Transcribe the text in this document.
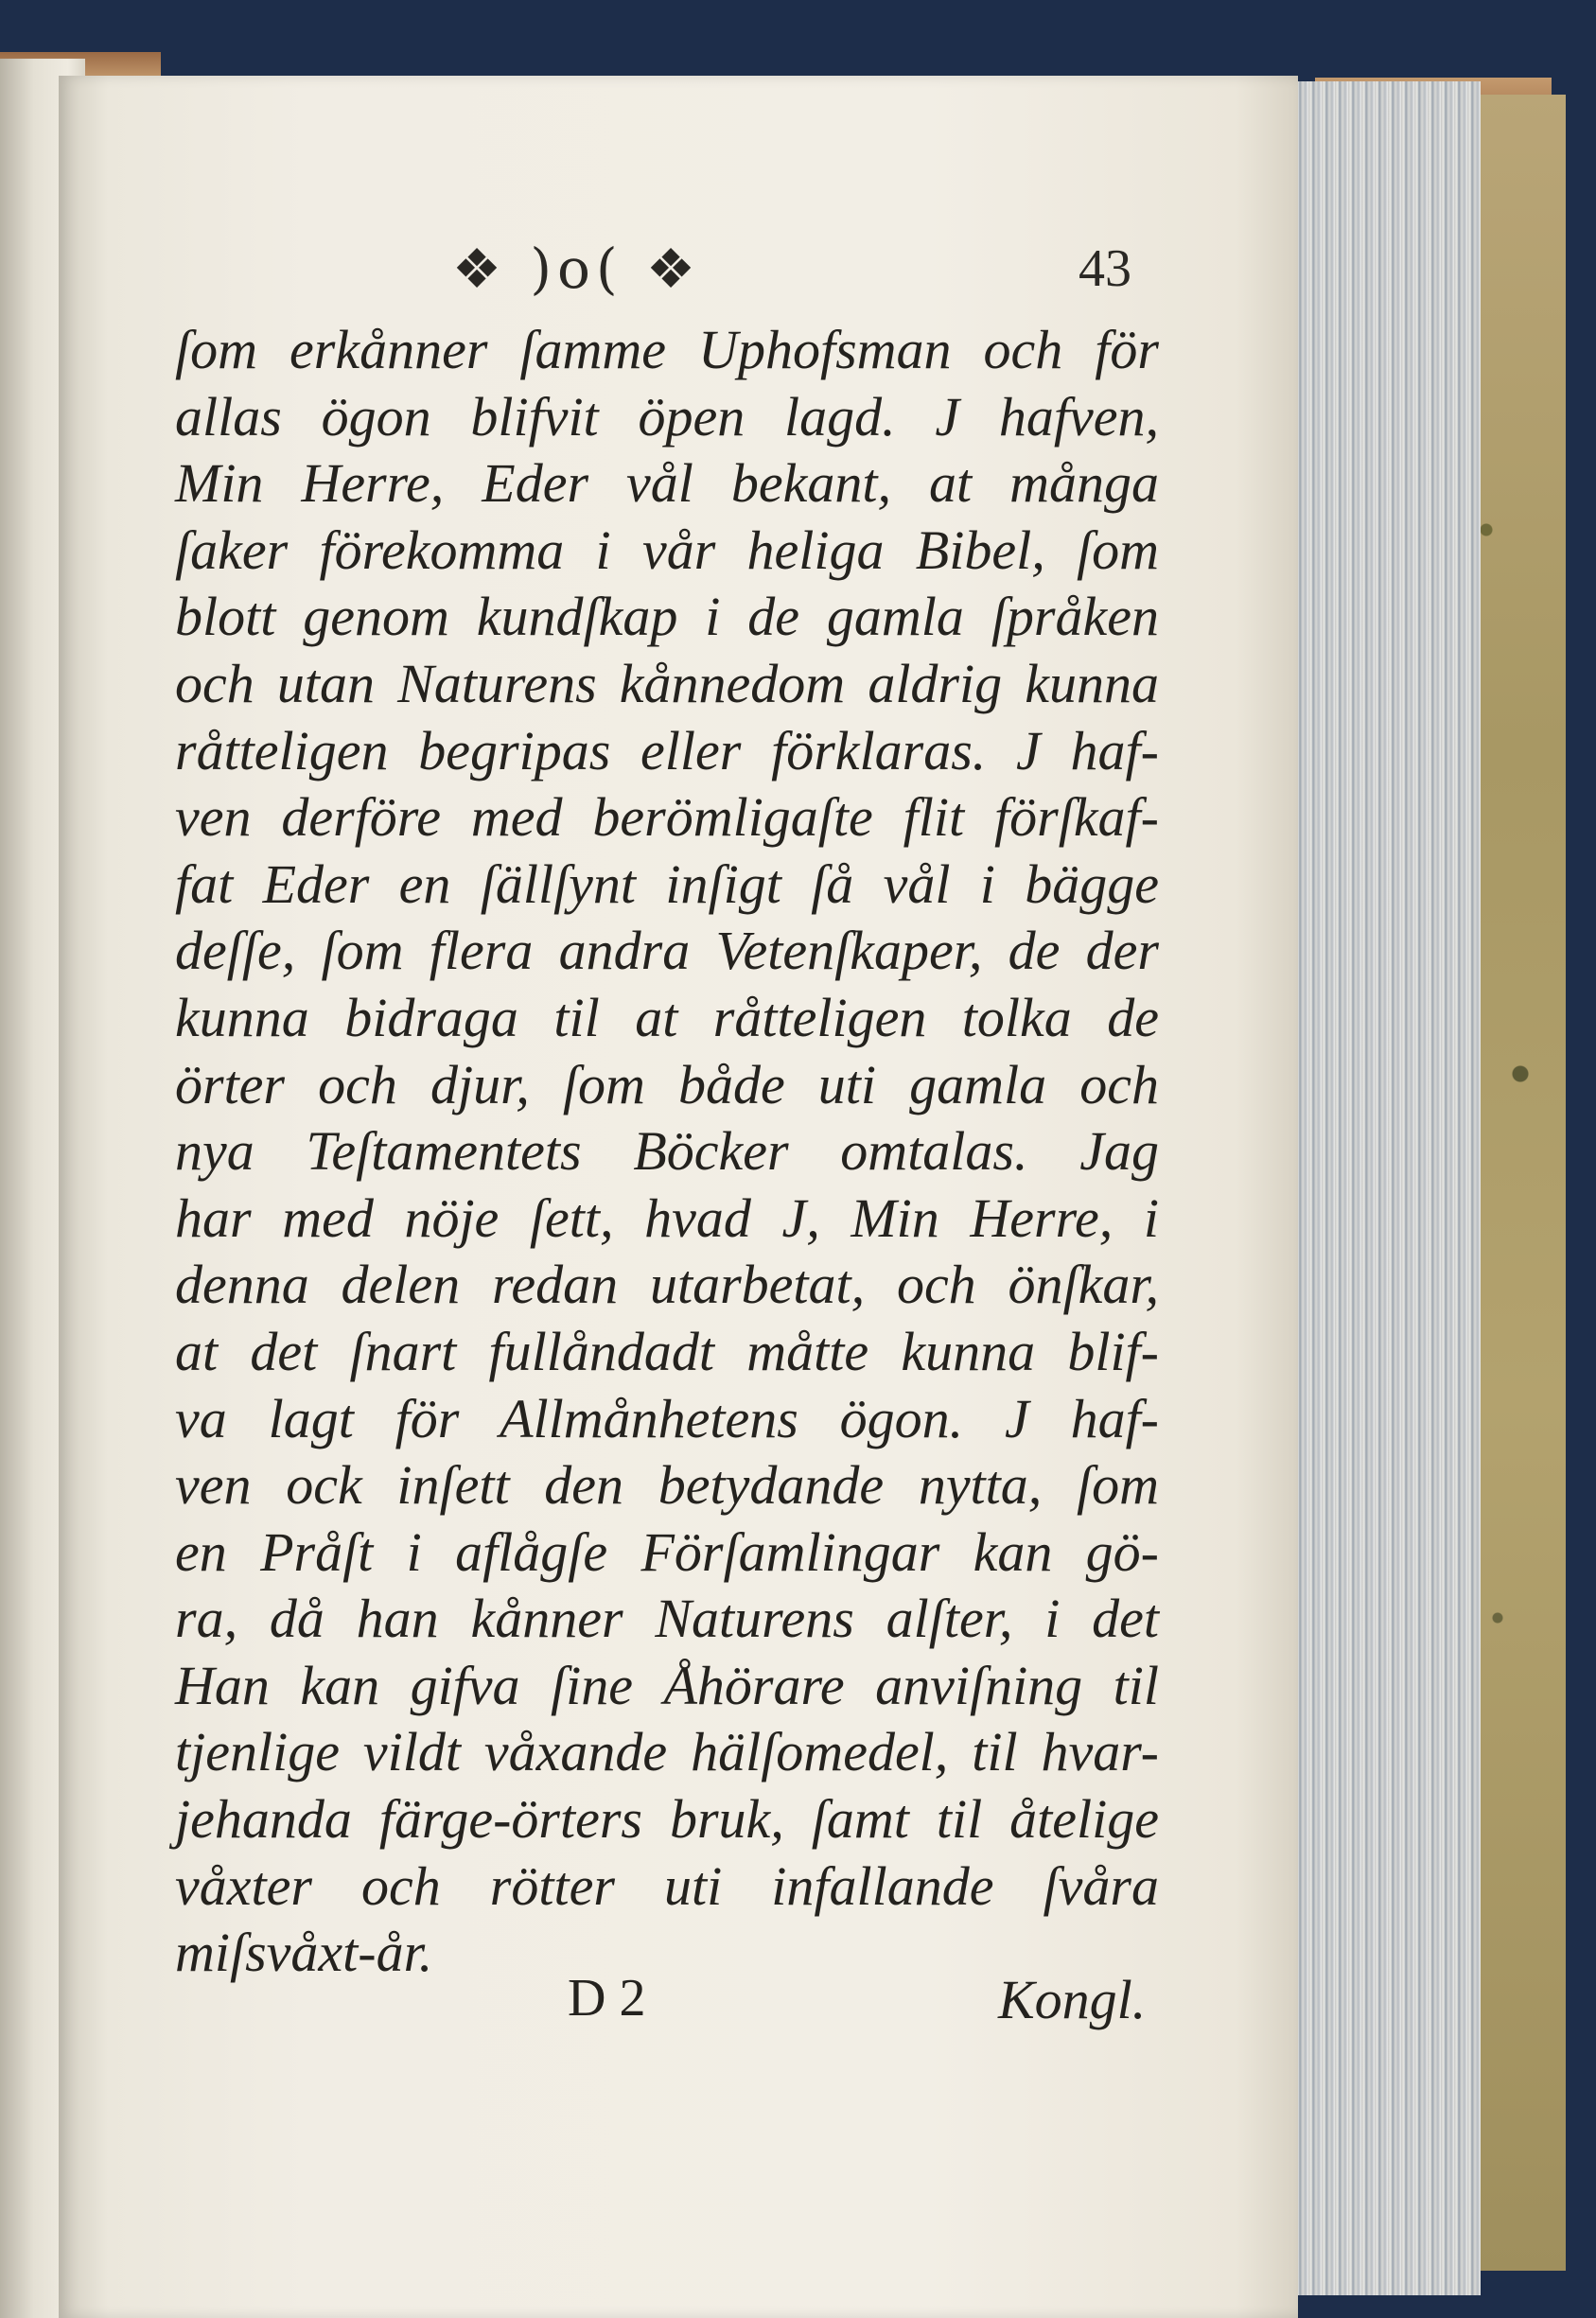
❖ )o( ❖	43
ſom erkånner ſamme Uphofsman och för
allas ögon blifvit öpen lagd. J hafven,
Min Herre, Eder vål bekant, at många
ſaker förekomma i vår heliga Bibel, ſom
blott genom kundſkap i de gamla ſpråken
och utan Naturens kånnedom aldrig kunna
råtteligen begripas eller förklaras. J haf-
ven derföre med berömligaſte flit förſkaf-
fat Eder en ſällſynt inſigt ſå vål i bägge
deſſe, ſom flera andra Vetenſkaper, de der
kunna bidraga til at råtteligen tolka de
örter och djur, ſom både uti gamla och
nya Teſtamentets Böcker omtalas. Jag
har med nöje ſett, hvad J, Min Herre, i
denna delen redan utarbetat, och önſkar,
at det ſnart fullåndadt måtte kunna blif-
va lagt för Allmånhetens ögon. J haf-
ven ock inſett den betydande nytta, ſom
en Pråſt i aflågſe Förſamlingar kan gö-
ra, då han kånner Naturens alſter, i det
Han kan gifva ſine Åhörare anviſning til
tjenlige vildt våxande hälſomedel, til hvar-
jehanda färge-örters bruk, ſamt til åtelige
våxter och rötter uti infallande ſvåra
miſsvåxt-år.
D 2	Kongl.
